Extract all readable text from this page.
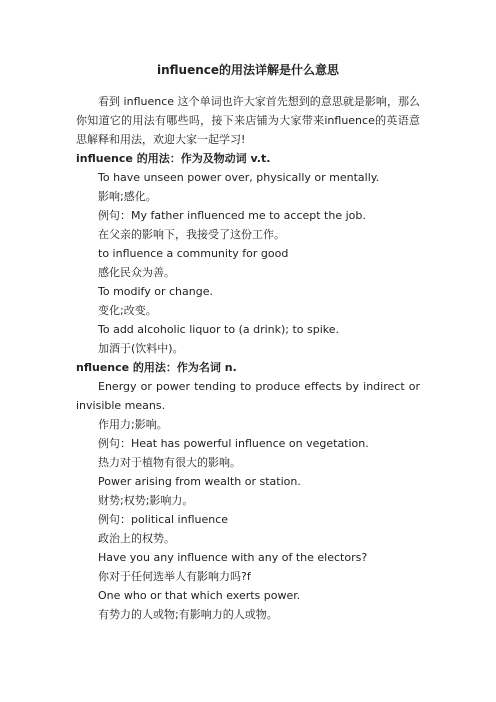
influence的用法详解是什么意思

看到 influence 这个单词也许大家首先想到的意思就是影响，那么你知道它的用法有哪些吗，接下来店铺为大家带来influence的英语意思解释和用法，欢迎大家一起学习!

influence 的用法：作为及物动词 v.t.

To have unseen power over, physically or mentally.

影响;感化。

例句：My father influenced me to accept the job.

在父亲的影响下，我接受了这份工作。

to influence a community for good

感化民众为善。

To modify or change.

变化;改变。

To add alcoholic liquor to (a drink); to spike.

加酒于(饮料中)。

nfluence 的用法：作为名词 n.

Energy or power tending to produce effects by indirect or invisible means.

作用力;影响。

例句：Heat has powerful influence on vegetation.

热力对于植物有很大的影响。

Power arising from wealth or station.

财势;权势;影响力。

例句：political influence

政治上的权势。

Have you any influence with any of the electors?

你对于任何选举人有影响力吗?f

One who or that which exerts power.

有势力的人或物;有影响力的人或物。
